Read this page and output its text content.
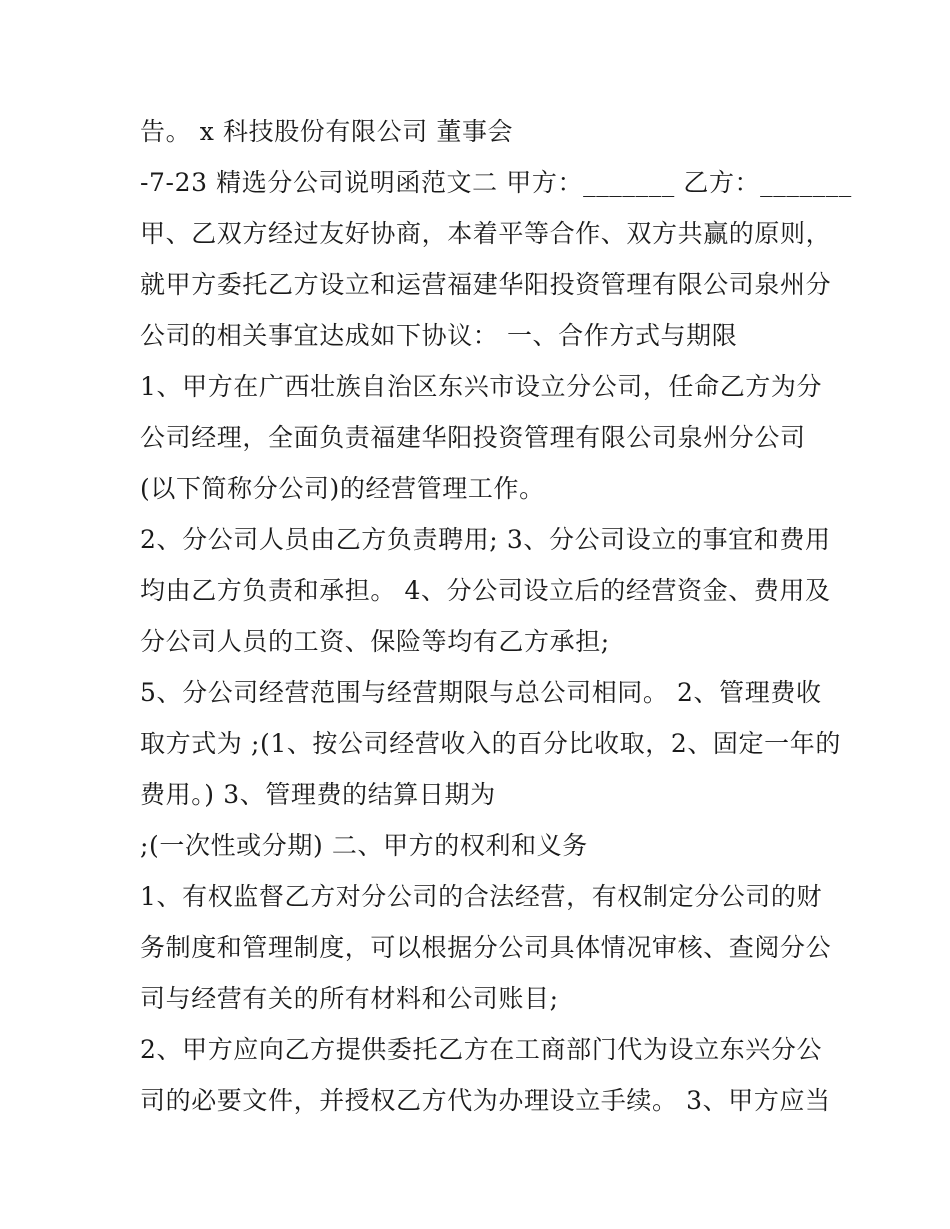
告。 x 科技股份有限公司 董事会
-7-23 精选分公司说明函范文二 甲方：_______ 乙方：_______
甲、乙双方经过友好协商，本着平等合作、双方共赢的原则，
就甲方委托乙方设立和运营福建华阳投资管理有限公司泉州分
公司的相关事宜达成如下协议： 一、合作方式与期限
1、甲方在广西壮族自治区东兴市设立分公司，任命乙方为分
公司经理，全面负责福建华阳投资管理有限公司泉州分公司
(以下简称分公司)的经营管理工作。
2、分公司人员由乙方负责聘用; 3、分公司设立的事宜和费用
均由乙方负责和承担。 4、分公司设立后的经营资金、费用及
分公司人员的工资、保险等均有乙方承担;
5、分公司经营范围与经营期限与总公司相同。 2、管理费收
取方式为 ;(1、按公司经营收入的百分比收取，2、固定一年的
费用。) 3、管理费的结算日期为
;(一次性或分期) 二、甲方的权利和义务
1、有权监督乙方对分公司的合法经营，有权制定分公司的财
务制度和管理制度，可以根据分公司具体情况审核、查阅分公
司与经营有关的所有材料和公司账目;
2、甲方应向乙方提供委托乙方在工商部门代为设立东兴分公
司的必要文件，并授权乙方代为办理设立手续。 3、甲方应当
